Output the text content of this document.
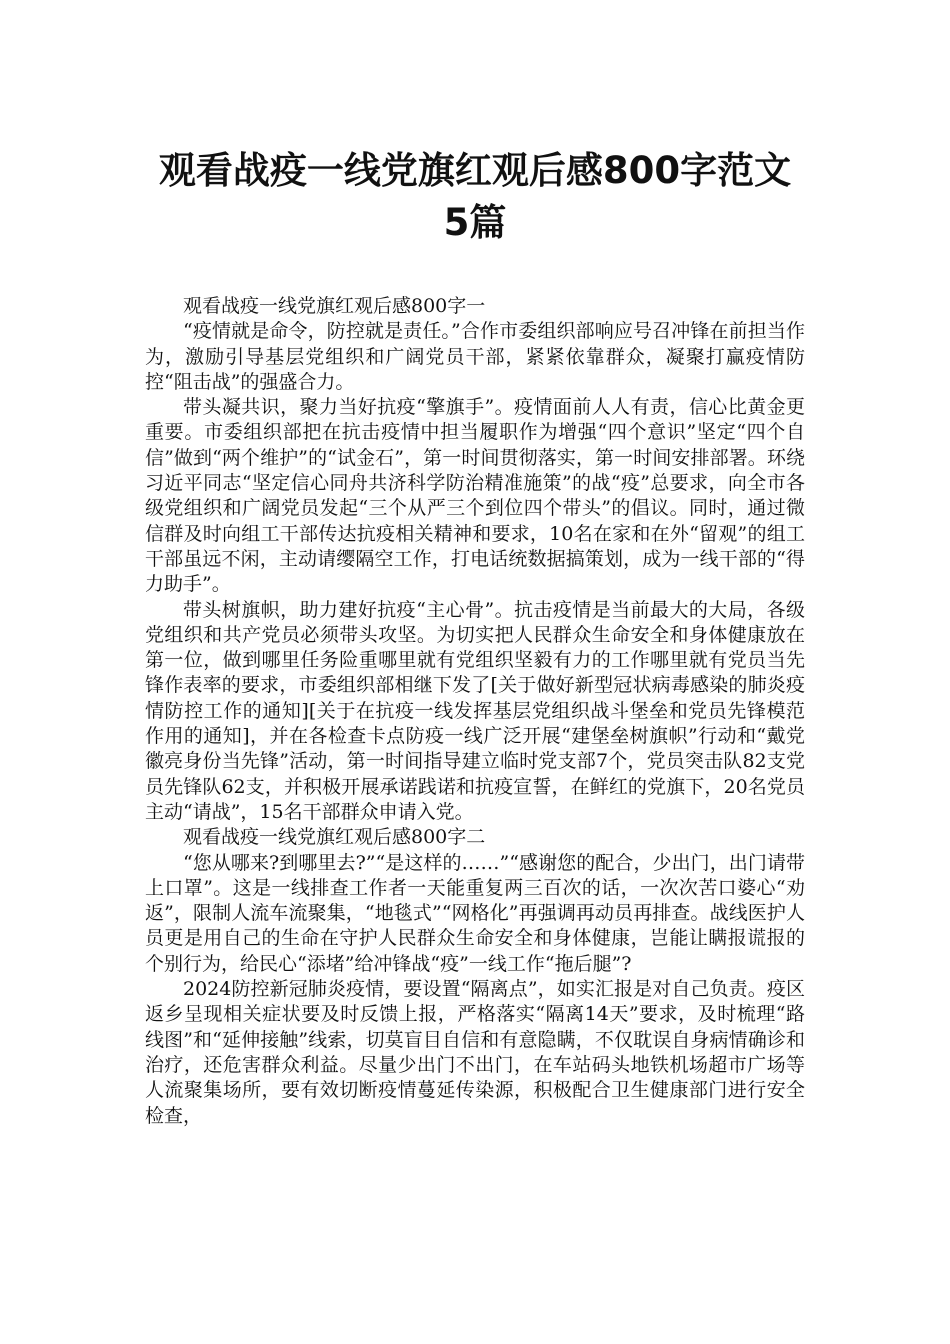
观看战疫一线党旗红观后感800字范文
5篇

观看战疫一线党旗红观后感800字一

“疫情就是命令，防控就是责任。”合作市委组织部响应号召冲锋在前担当作为，激励引导基层党组织和广阔党员干部，紧紧依靠群众，凝聚打赢疫情防控“阻击战”的强盛合力。

带头凝共识，聚力当好抗疫“擎旗手”。疫情面前人人有责，信心比黄金更重要。市委组织部把在抗击疫情中担当履职作为增强“四个意识”坚定“四个自信”做到“两个维护”的“试金石”，第一时间贯彻落实，第一时间安排部署。环绕习近平同志“坚定信心同舟共济科学防治精准施策”的战“疫”总要求，向全市各级党组织和广阔党员发起“三个从严三个到位四个带头”的倡议。同时，通过微信群及时向组工干部传达抗疫相关精神和要求，10名在家和在外“留观”的组工干部虽远不闲，主动请缨隔空工作，打电话统数据搞策划，成为一线干部的“得力助手”。

带头树旗帜，助力建好抗疫“主心骨”。抗击疫情是当前最大的大局，各级党组织和共产党员必须带头攻坚。为切实把人民群众生命安全和身体健康放在第一位，做到哪里任务险重哪里就有党组织坚毅有力的工作哪里就有党员当先锋作表率的要求，市委组织部相继下发了[关于做好新型冠状病毒感染的肺炎疫情防控工作的通知][关于在抗疫一线发挥基层党组织战斗堡垒和党员先锋模范作用的通知]，并在各检查卡点防疫一线广泛开展“建堡垒树旗帜”行动和“戴党徽亮身份当先锋”活动，第一时间指导建立临时党支部7个，党员突击队82支党员先锋队62支，并积极开展承诺践诺和抗疫宣誓，在鲜红的党旗下，20名党员主动“请战”，15名干部群众申请入党。

观看战疫一线党旗红观后感800字二

“您从哪来?到哪里去?”“是这样的……”“感谢您的配合，少出门，出门请带上口罩”。这是一线排查工作者一天能重复两三百次的话，一次次苦口婆心“劝返”，限制人流车流聚集，“地毯式”“网格化”再强调再动员再排查。战线医护人员更是用自己的生命在守护人民群众生命安全和身体健康，岂能让瞒报谎报的个别行为，给民心“添堵”给冲锋战“疫”一线工作“拖后腿”?

2024防控新冠肺炎疫情，要设置“隔离点”，如实汇报是对自己负责。疫区返乡呈现相关症状要及时反馈上报，严格落实“隔离14天”要求，及时梳理“路线图”和“延伸接触”线索，切莫盲目自信和有意隐瞒，不仅耽误自身病情确诊和治疗，还危害群众利益。尽量少出门不出门，在车站码头地铁机场超市广场等人流聚集场所，要有效切断疫情蔓延传染源，积极配合卫生健康部门进行安全检查，
